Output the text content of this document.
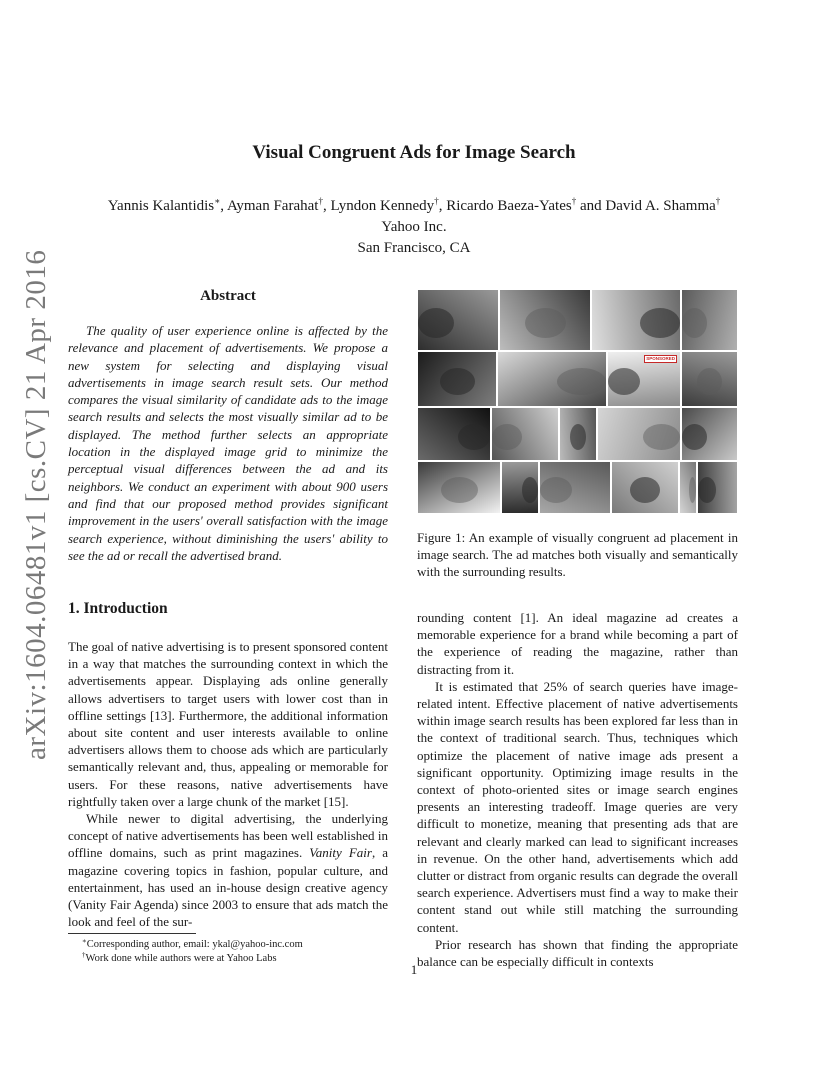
arXiv:1604.06481v1 [cs.CV] 21 Apr 2016
Visual Congruent Ads for Image Search
Yannis Kalantidis∗, Ayman Farahat†, Lyndon Kennedy†, Ricardo Baeza-Yates† and David A. Shamma†
Yahoo Inc.
San Francisco, CA
Abstract

The quality of user experience online is affected by the relevance and placement of advertisements. We propose a new system for selecting and displaying visual advertisements in image search result sets. Our method compares the visual similarity of candidate ads to the image search results and selects the most visually similar ad to be displayed. The method further selects an appropriate location in the displayed image grid to minimize the perceptual visual differences between the ad and its neighbors. We conduct an experiment with about 900 users and find that our proposed method provides significant improvement in the users' overall satisfaction with the image search experience, without diminishing the users' ability to see the ad or recall the advertised brand.

1. Introduction

The goal of native advertising is to present sponsored content in a way that matches the surrounding context in which the advertisements appear. Displaying ads online generally allows advertisers to target users with lower cost than in offline settings [13]. Furthermore, the additional information about site content and user interests available to online advertisers allows them to choose ads which are particularly semantically relevant and, thus, appealing or memorable for users. For these reasons, native advertisements have rightfully taken over a large chunk of the market [15].

While newer to digital advertising, the underlying concept of native advertisements has been well established in offline domains, such as print magazines. Vanity Fair, a magazine covering topics in fashion, popular culture, and entertainment, has used an in-house design creative agency (Vanity Fair Agenda) since 2003 to ensure that ads match the look and feel of the sur-

∗Corresponding author, email: ykal@yahoo-inc.com

†Work done while authors were at Yahoo Labs

SPONSORED

Figure 1: An example of visually congruent ad placement in image search. The ad matches both visually and semantically with the surrounding results.

rounding content [1]. An ideal magazine ad creates a memorable experience for a brand while becoming a part of the experience of reading the magazine, rather than distracting from it.

It is estimated that 25% of search queries have image-related intent. Effective placement of native advertisements within image search results has been explored far less than in the context of traditional search. Thus, techniques which optimize the placement of native image ads present a significant opportunity. Optimizing image results in the context of photo-oriented sites or image search engines presents an interesting tradeoff. Image queries are very difficult to monetize, meaning that presenting ads that are relevant and clearly marked can lead to significant increases in revenue. On the other hand, advertisements which add clutter or distract from organic results can degrade the overall search experience. Advertisers must find a way to make their content stand out while still matching the surrounding content.

Prior research has shown that finding the appropriate balance can be especially difficult in contexts

1
